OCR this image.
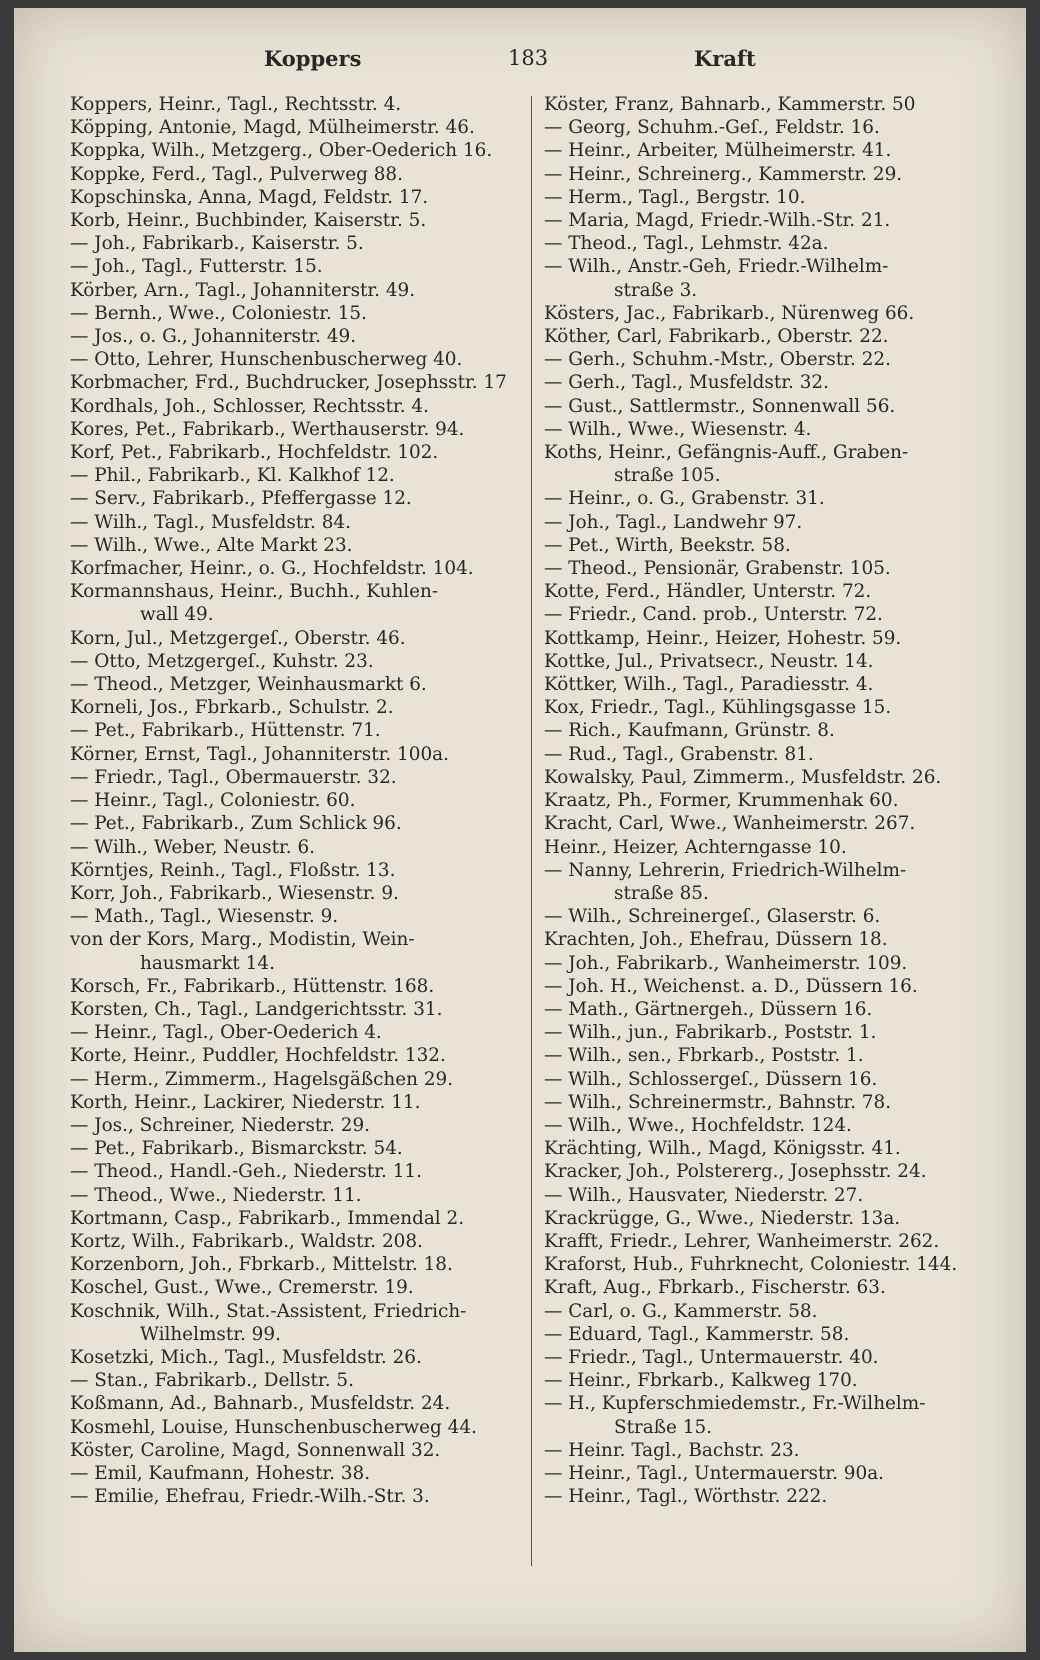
Koppers	183	Kraft
Koppers, Heinr., Tagl., Rechtsstr. 4.
Köpping, Antonie, Magd, Mülheimerstr. 46.
Koppka, Wilh., Metzgerg., Ober-Oederich 16.
Koppke, Ferd., Tagl., Pulverweg 88.
Kopschinska, Anna, Magd, Feldstr. 17.
Korb, Heinr., Buchbinder, Kaiserstr. 5.
— Joh., Fabrikarb., Kaiserstr. 5.
— Joh., Tagl., Futterstr. 15.
Körber, Arn., Tagl., Johanniterstr. 49.
— Bernh., Wwe., Coloniestr. 15.
— Jos., o. G., Johanniterstr. 49.
— Otto, Lehrer, Hunschenbuscherweg 40.
Korbmacher, Frd., Buchdrucker, Josephsstr. 17
Kordhals, Joh., Schlosser, Rechtsstr. 4.
Kores, Pet., Fabrikarb., Werthauserstr. 94.
Korf, Pet., Fabrikarb., Hochfeldstr. 102.
— Phil., Fabrikarb., Kl. Kalkhof 12.
— Serv., Fabrikarb., Pfeffergasse 12.
— Wilh., Tagl., Musfeldstr. 84.
— Wilh., Wwe., Alte Markt 23.
Korfmacher, Heinr., o. G., Hochfeldstr. 104.
Kormannshaus, Heinr., Buchh., Kuhlen-
wall 49.
Korn, Jul., Metzgergeſ., Oberstr. 46.
— Otto, Metzgergeſ., Kuhstr. 23.
— Theod., Metzger, Weinhausmarkt 6.
Korneli, Jos., Fbrkarb., Schulstr. 2.
— Pet., Fabrikarb., Hüttenstr. 71.
Körner, Ernst, Tagl., Johanniterstr. 100a.
— Friedr., Tagl., Obermauerstr. 32.
— Heinr., Tagl., Coloniestr. 60.
— Pet., Fabrikarb., Zum Schlick 96.
— Wilh., Weber, Neustr. 6.
Körntjes, Reinh., Tagl., Floßstr. 13.
Korr, Joh., Fabrikarb., Wiesenstr. 9.
— Math., Tagl., Wiesenstr. 9.
von der Kors, Marg., Modistin, Wein-
hausmarkt 14.
Korsch, Fr., Fabrikarb., Hüttenstr. 168.
Korsten, Ch., Tagl., Landgerichtsstr. 31.
— Heinr., Tagl., Ober-Oederich 4.
Korte, Heinr., Puddler, Hochfeldstr. 132.
— Herm., Zimmerm., Hagelsgäßchen 29.
Korth, Heinr., Lackirer, Niederstr. 11.
— Jos., Schreiner, Niederstr. 29.
— Pet., Fabrikarb., Bismarckstr. 54.
— Theod., Handl.-Geh., Niederstr. 11.
— Theod., Wwe., Niederstr. 11.
Kortmann, Casp., Fabrikarb., Immendal 2.
Kortz, Wilh., Fabrikarb., Waldstr. 208.
Korzenborn, Joh., Fbrkarb., Mittelstr. 18.
Koschel, Gust., Wwe., Cremerstr. 19.
Koschnik, Wilh., Stat.-Assistent, Friedrich-
Wilhelmstr. 99.
Kosetzki, Mich., Tagl., Musfeldstr. 26.
— Stan., Fabrikarb., Dellstr. 5.
Koßmann, Ad., Bahnarb., Musfeldstr. 24.
Kosmehl, Louise, Hunschenbuscherweg 44.
Köster, Caroline, Magd, Sonnenwall 32.
— Emil, Kaufmann, Hohestr. 38.
— Emilie, Ehefrau, Friedr.-Wilh.-Str. 3.
Köster, Franz, Bahnarb., Kammerstr. 50
— Georg, Schuhm.-Geſ., Feldstr. 16.
— Heinr., Arbeiter, Mülheimerstr. 41.
— Heinr., Schreinerg., Kammerstr. 29.
— Herm., Tagl., Bergstr. 10.
— Maria, Magd, Friedr.-Wilh.-Str. 21.
— Theod., Tagl., Lehmstr. 42a.
— Wilh., Anstr.-Geh, Friedr.-Wilhelm-
straße 3.
Kösters, Jac., Fabrikarb., Nürenweg 66.
Köther, Carl, Fabrikarb., Oberstr. 22.
— Gerh., Schuhm.-Mstr., Oberstr. 22.
— Gerh., Tagl., Musfeldstr. 32.
— Gust., Sattlermstr., Sonnenwall 56.
— Wilh., Wwe., Wiesenstr. 4.
Koths, Heinr., Gefängnis-Auff., Graben-
straße 105.
— Heinr., o. G., Grabenstr. 31.
— Joh., Tagl., Landwehr 97.
— Pet., Wirth, Beekstr. 58.
— Theod., Pensionär, Grabenstr. 105.
Kotte, Ferd., Händler, Unterstr. 72.
— Friedr., Cand. prob., Unterstr. 72.
Kottkamp, Heinr., Heizer, Hohestr. 59.
Kottke, Jul., Privatsecr., Neustr. 14.
Köttker, Wilh., Tagl., Paradiesstr. 4.
Kox, Friedr., Tagl., Kühlingsgasse 15.
— Rich., Kaufmann, Grünstr. 8.
— Rud., Tagl., Grabenstr. 81.
Kowalsky, Paul, Zimmerm., Musfeldstr. 26.
Kraatz, Ph., Former, Krummenhak 60.
Kracht, Carl, Wwe., Wanheimerstr. 267.
Heinr., Heizer, Achterngasse 10.
— Nanny, Lehrerin, Friedrich-Wilhelm-
straße 85.
— Wilh., Schreinergeſ., Glaserstr. 6.
Krachten, Joh., Ehefrau, Düssern 18.
— Joh., Fabrikarb., Wanheimerstr. 109.
— Joh. H., Weichenst. a. D., Düssern 16.
— Math., Gärtnergeh., Düssern 16.
— Wilh., jun., Fabrikarb., Poststr. 1.
— Wilh., sen., Fbrkarb., Poststr. 1.
— Wilh., Schlossergeſ., Düssern 16.
— Wilh., Schreinermstr., Bahnstr. 78.
— Wilh., Wwe., Hochfeldstr. 124.
Krächting, Wilh., Magd, Königsstr. 41.
Kracker, Joh., Polstererg., Josephsstr. 24.
— Wilh., Hausvater, Niederstr. 27.
Krackrügge, G., Wwe., Niederstr. 13a.
Krafft, Friedr., Lehrer, Wanheimerstr. 262.
Kraforst, Hub., Fuhrknecht, Coloniestr. 144.
Kraft, Aug., Fbrkarb., Fischerstr. 63.
— Carl, o. G., Kammerstr. 58.
— Eduard, Tagl., Kammerstr. 58.
— Friedr., Tagl., Untermauerstr. 40.
— Heinr., Fbrkarb., Kalkweg 170.
— H., Kupferschmiedemstr., Fr.-Wilhelm-
Straße 15.
— Heinr. Tagl., Bachstr. 23.
— Heinr., Tagl., Untermauerstr. 90a.
— Heinr., Tagl., Wörthstr. 222.
